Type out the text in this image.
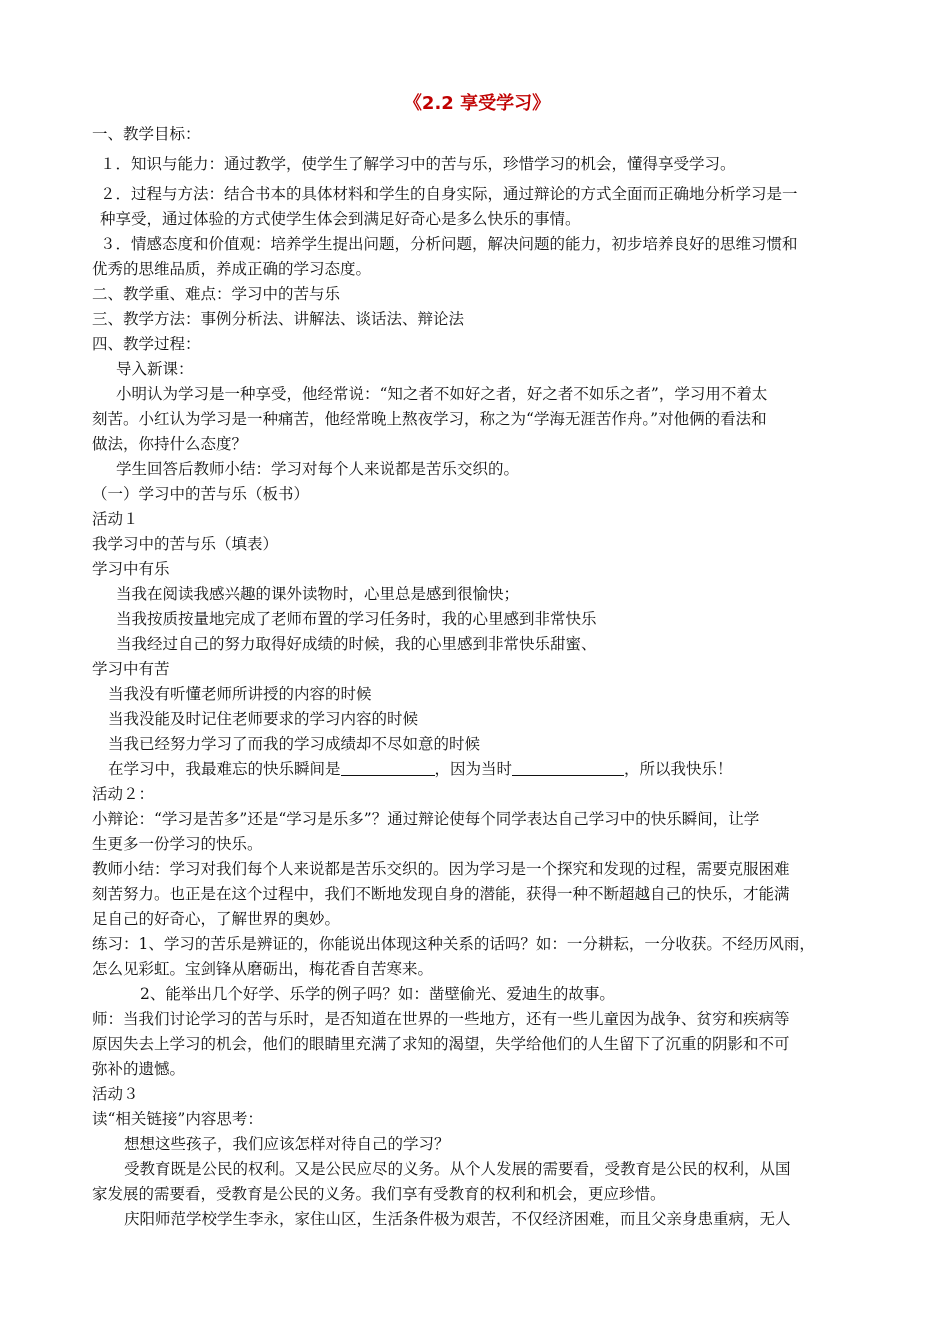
《2.2 享受学习》
一、教学目标：
１．知识与能力：通过教学，使学生了解学习中的苦与乐，珍惜学习的机会，懂得享受学习。
２．过程与方法：结合书本的具体材料和学生的自身实际，通过辩论的方式全面而正确地分析学习是一
种享受，通过体验的方式使学生体会到满足好奇心是多么快乐的事情。
３．情感态度和价值观：培养学生提出问题，分析问题，解决问题的能力，初步培养良好的思维习惯和
优秀的思维品质，养成正确的学习态度。
二、教学重、难点：学习中的苦与乐
三、教学方法：事例分析法、讲解法、谈话法、辩论法
四、教学过程：
导入新课：
小明认为学习是一种享受，他经常说：“知之者不如好之者，好之者不如乐之者”，学习用不着太
刻苦。小红认为学习是一种痛苦，他经常晚上熬夜学习，称之为“学海无涯苦作舟。”对他俩的看法和
做法，你持什么态度？
学生回答后教师小结：学习对每个人来说都是苦乐交织的。
（一）学习中的苦与乐（板书）
活动１
我学习中的苦与乐（填表）
学习中有乐
当我在阅读我感兴趣的课外读物时，心里总是感到很愉快；
当我按质按量地完成了老师布置的学习任务时，我的心里感到非常快乐
当我经过自己的努力取得好成绩的时候，我的心里感到非常快乐甜蜜、
学习中有苦
当我没有听懂老师所讲授的内容的时候
当我没能及时记住老师要求的学习内容的时候
当我已经努力学习了而我的学习成绩却不尽如意的时候
在学习中，我最难忘的快乐瞬间是	，因为当时	，所以我快乐！
活动２：
小辩论：“学习是苦多”还是“学习是乐多”？通过辩论使每个同学表达自己学习中的快乐瞬间，让学
生更多一份学习的快乐。
教师小结：学习对我们每个人来说都是苦乐交织的。因为学习是一个探究和发现的过程，需要克服困难
刻苦努力。也正是在这个过程中，我们不断地发现自身的潜能，获得一种不断超越自己的快乐，才能满
足自己的好奇心，了解世界的奥妙。
练习：1、学习的苦乐是辨证的，你能说出体现这种关系的话吗？如：一分耕耘，一分收获。不经历风雨，
怎么见彩虹。宝剑锋从磨砺出，梅花香自苦寒来。
2、能举出几个好学、乐学的例子吗？如：凿壁偷光、爱迪生的故事。
师：当我们讨论学习的苦与乐时，是否知道在世界的一些地方，还有一些儿童因为战争、贫穷和疾病等
原因失去上学习的机会，他们的眼睛里充满了求知的渴望，失学给他们的人生留下了沉重的阴影和不可
弥补的遗憾。
活动３
读“相关链接”内容思考：
想想这些孩子，我们应该怎样对待自己的学习？
受教育既是公民的权利。又是公民应尽的义务。从个人发展的需要看，受教育是公民的权利，从国
家发展的需要看，受教育是公民的义务。我们享有受教育的权利和机会，更应珍惜。
庆阳师范学校学生李永，家住山区，生活条件极为艰苦，不仅经济困难，而且父亲身患重病，无人
